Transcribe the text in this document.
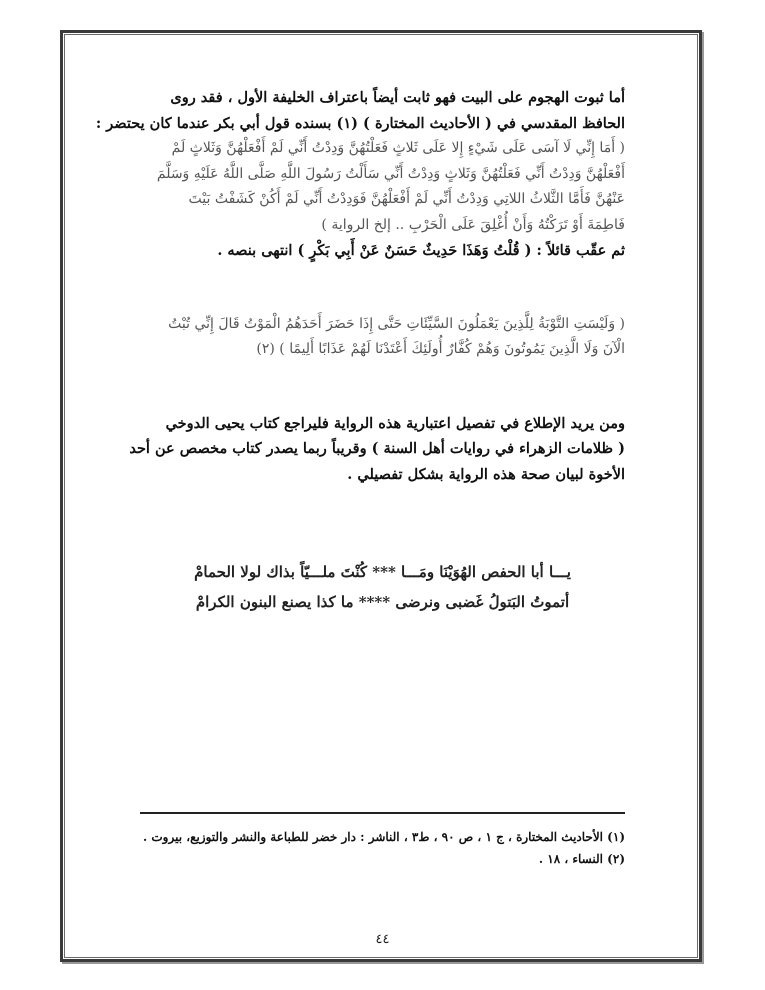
أما ثبوت الهجوم على البيت فهو ثابت أيضاً باعتراف الخليفة الأول ، فقد روى
الحافظ المقدسي في ( الأحاديث المختارة ) (١) بسنده قول أبي بكر عندما كان يحتضر :
( أَمَا إِنِّي لَا آسَى عَلَى شَيْءٍ إِلا عَلَى ثَلاثٍ فَعَلْتُهُنَّ وَدِدْتُ أَنِّي لَمْ أَفْعَلْهُنَّ وَثَلاثٍ لَمْ
أَفْعَلْهُنَّ وَدِدْتُ أَنِّي فَعَلْتُهُنَّ وَثَلاثٍ وَدِدْتُ أَنِّي سَأَلْتُ رَسُولَ اللَّهِ صَلَّى اللَّهُ عَلَيْهِ وَسَلَّمَ
عَنْهُنَّ فَأَمَّا الثَّلاثُ اللاتِي وَدِدْتُ أَنِّي لَمْ أَفْعَلْهُنَّ فَوَدِدْتُ أَنِّي لَمْ أَكُنْ كَشَفْتُ بَيْتَ
فَاطِمَةَ أَوْ تَرَكْتُهُ وَأَنْ أُغْلِقَ عَلَى الْحَرْبِ .. إلخ الرواية )
ثم عقّب قائلاً : ( قُلْتُ وَهَذَا حَدِيثٌ حَسَنٌ عَنْ أَبِي بَكْرٍ ) انتهى بنصه .
( وَلَيْسَتِ التَّوْبَةُ لِلَّذِينَ يَعْمَلُونَ السَّيِّئَاتِ حَتَّى إِذَا حَضَرَ أَحَدَهُمُ الْمَوْتُ قَالَ إِنِّي تُبْتُ
الْآنَ وَلَا الَّذِينَ يَمُوتُونَ وَهُمْ كُفَّارٌ أُولَئِكَ أَعْتَدْنَا لَهُمْ عَذَابًا أَلِيمًا ) (٢)
ومن يريد الإطلاع في تفصيل اعتبارية هذه الرواية فليراجع كتاب يحيى الدوخي
( ظلامات الزهراء في روايات أهل السنة ) وقريباً ربما يصدر كتاب مخصص عن أحد
الأخوة لبيان صحة هذه الرواية بشكل تفصيلي .
يـــا أبا الحفص الهُوَيْنَا ومَـــا *** كُنْتَ ملـــيّاً بذاك لولا الحمامْ
أتموتُ البَتولُ غَضبى ونرضى **** ما كذا يصنع البنون الكرامْ
(١) الأحاديث المختارة ، ج ١ ، ص ٩٠ ، ط٣ ، الناشر : دار خضر للطباعة والنشر والتوزيع، بيروت .
(٢) النساء ، ١٨ .
٤٤
